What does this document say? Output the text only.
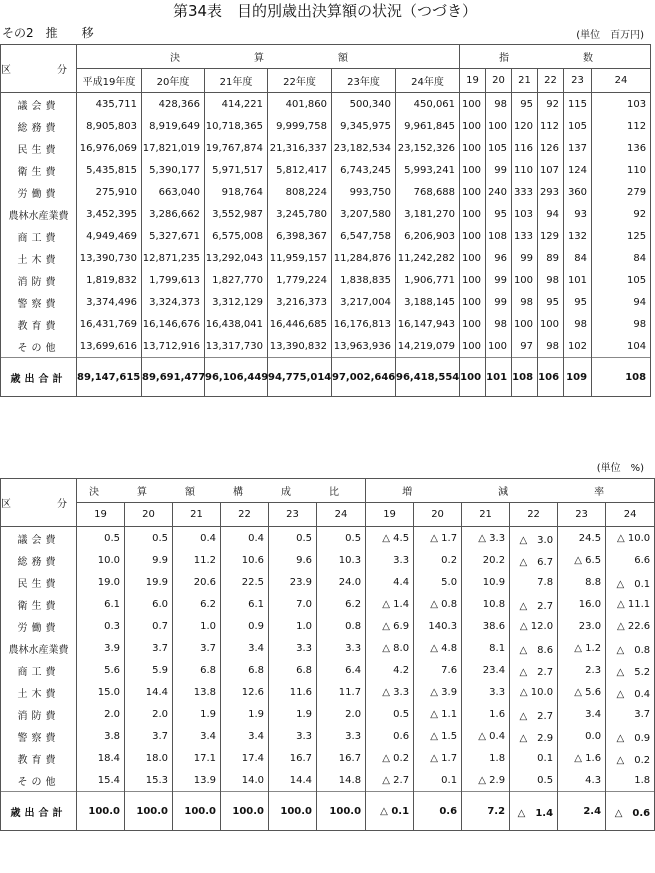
第34表　目的別歳出決算額の状況（つづき）
その2　推　　移	(単位　百万円)
区　分	決　　算　　額						指　　数					
	平成19年度	20年度	21年度	22年度	23年度	24年度	19	20	21	22	23	24
議会費	435,711	428,366	414,221	401,860	500,340	450,061	100	98	95	92	115	103
総務費	8,905,803	8,919,649	10,718,365	9,999,758	9,345,975	9,961,845	100	100	120	112	105	112
民生費	16,976,069	17,821,019	19,767,874	21,316,337	23,182,534	23,152,326	100	105	116	126	137	136
衛生費	5,435,815	5,390,177	5,971,517	5,812,417	6,743,245	5,993,241	100	99	110	107	124	110
労働費	275,910	663,040	918,764	808,224	993,750	768,688	100	240	333	293	360	279
農林水産業費	3,452,395	3,286,662	3,552,987	3,245,780	3,207,580	3,181,270	100	95	103	94	93	92
商工費	4,949,469	5,327,671	6,575,008	6,398,367	6,547,758	6,206,903	100	108	133	129	132	125
土木費	13,390,730	12,871,235	13,292,043	11,959,157	11,284,876	11,242,282	100	96	99	89	84	84
消防費	1,819,832	1,799,613	1,827,770	1,779,224	1,838,835	1,906,771	100	99	100	98	101	105
警察費	3,374,496	3,324,373	3,312,129	3,216,373	3,217,004	3,188,145	100	99	98	95	95	94
教育費	16,431,769	16,146,676	16,438,041	16,446,685	16,176,813	16,147,943	100	98	100	100	98	98
その他	13,699,616	13,712,916	13,317,730	13,390,832	13,963,936	14,219,079	100	100	97	98	102	104
歳出合計	89,147,615	89,691,477	96,106,449	94,775,014	97,002,646	96,418,554	100	101	108	106	109	108
(単位　%)
区　分	決　算　額　構　成　比						増　　　減　　　率					
	19	20	21	22	23	24	19	20	21	22	23	24
議会費	0.5	0.5	0.4	0.4	0.5	0.5	△ 4.5	△ 1.7	△ 3.3	△　3.0	24.5	△ 10.0
総務費	10.0	9.9	11.2	10.6	9.6	10.3	3.3	0.2	20.2	△　6.7	△ 6.5	6.6
民生費	19.0	19.9	20.6	22.5	23.9	24.0	4.4	5.0	10.9	7.8	8.8	△　0.1
衛生費	6.1	6.0	6.2	6.1	7.0	6.2	△ 1.4	△ 0.8	10.8	△　2.7	16.0	△ 11.1
労働費	0.3	0.7	1.0	0.9	1.0	0.8	△ 6.9	140.3	38.6	△ 12.0	23.0	△ 22.6
農林水産業費	3.9	3.7	3.7	3.4	3.3	3.3	△ 8.0	△ 4.8	8.1	△　8.6	△ 1.2	△　0.8
商工費	5.6	5.9	6.8	6.8	6.8	6.4	4.2	7.6	23.4	△　2.7	2.3	△　5.2
土木費	15.0	14.4	13.8	12.6	11.6	11.7	△ 3.3	△ 3.9	3.3	△ 10.0	△ 5.6	△　0.4
消防費	2.0	2.0	1.9	1.9	1.9	2.0	0.5	△ 1.1	1.6	△　2.7	3.4	3.7
警察費	3.8	3.7	3.4	3.4	3.3	3.3	0.6	△ 1.5	△ 0.4	△　2.9	0.0	△　0.9
教育費	18.4	18.0	17.1	17.4	16.7	16.7	△ 0.2	△ 1.7	1.8	0.1	△ 1.6	△　0.2
その他	15.4	15.3	13.9	14.0	14.4	14.8	△ 2.7	0.1	△ 2.9	0.5	4.3	1.8
歳出合計	100.0	100.0	100.0	100.0	100.0	100.0	△ 0.1	0.6	7.2	△　1.4	2.4	△　0.6
